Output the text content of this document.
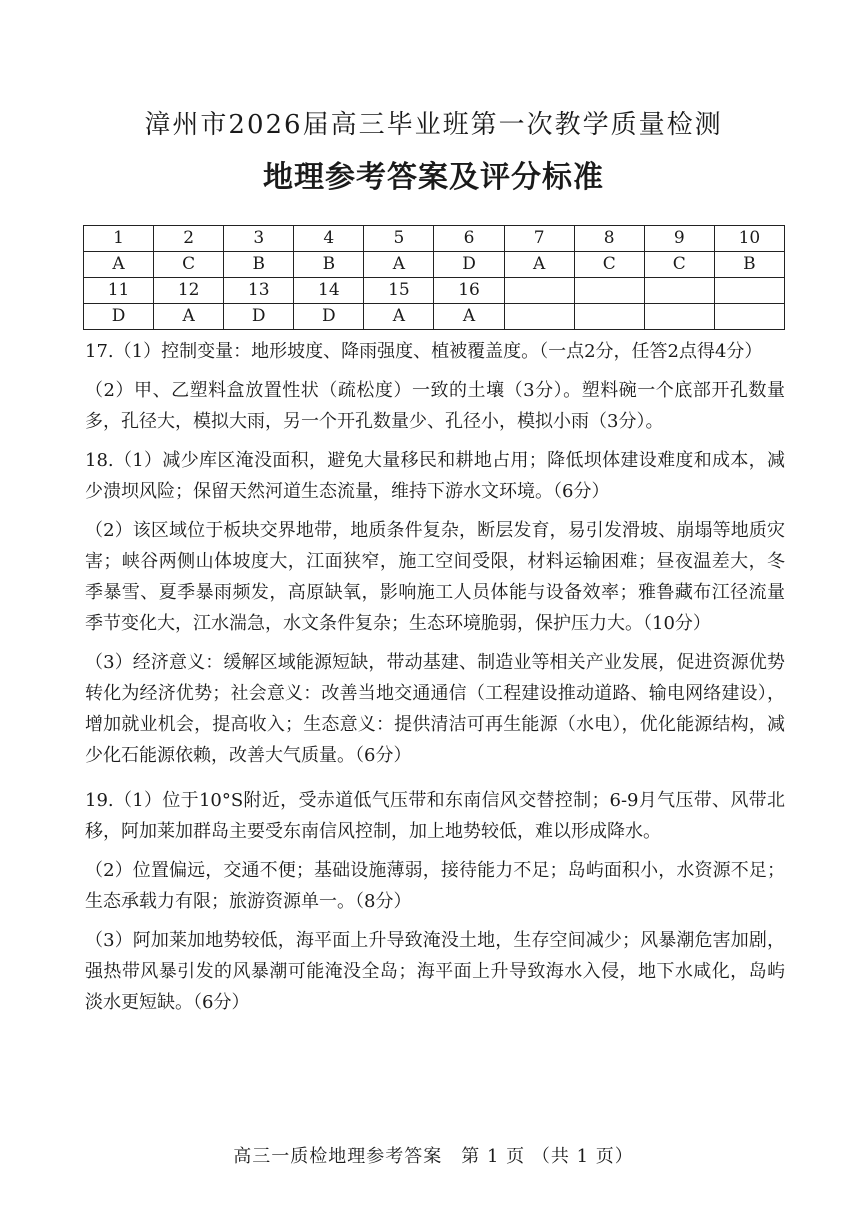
漳州市2026届高三毕业班第一次教学质量检测
地理参考答案及评分标准
1	2	3	4	5	6	7	8	9	10
A	C	B	B	A	D	A	C	C	B
11	12	13	14	15	16				
D	A	D	D	A	A				

17.（1）控制变量：地形坡度、降雨强度、植被覆盖度。（一点2分，任答2点得4分）

（2）甲、乙塑料盒放置性状（疏松度）一致的土壤（3分）。塑料碗一个底部开孔数量多，孔径大，模拟大雨，另一个开孔数量少、孔径小，模拟小雨（3分）。

18.（1）减少库区淹没面积，避免大量移民和耕地占用；降低坝体建设难度和成本，减少溃坝风险；保留天然河道生态流量，维持下游水文环境。（6分）

（2）该区域位于板块交界地带，地质条件复杂，断层发育，易引发滑坡、崩塌等地质灾害；峡谷两侧山体坡度大，江面狭窄，施工空间受限，材料运输困难；昼夜温差大，冬季暴雪、夏季暴雨频发，高原缺氧，影响施工人员体能与设备效率；雅鲁藏布江径流量季节变化大，江水湍急，水文条件复杂；生态环境脆弱，保护压力大。（10分）

（3）经济意义：缓解区域能源短缺，带动基建、制造业等相关产业发展，促进资源优势转化为经济优势；社会意义：改善当地交通通信（工程建设推动道路、输电网络建设），增加就业机会，提高收入；生态意义：提供清洁可再生能源（水电），优化能源结构，减少化石能源依赖，改善大气质量。（6分）

19.（1）位于10°S附近，受赤道低气压带和东南信风交替控制；6-9月气压带、风带北移，阿加莱加群岛主要受东南信风控制，加上地势较低，难以形成降水。

（2）位置偏远，交通不便；基础设施薄弱，接待能力不足；岛屿面积小，水资源不足；生态承载力有限；旅游资源单一。（8分）

（3）阿加莱加地势较低，海平面上升导致淹没土地，生存空间减少；风暴潮危害加剧，强热带风暴引发的风暴潮可能淹没全岛；海平面上升导致海水入侵，地下水咸化，岛屿淡水更短缺。（6分）

高三一质检地理参考答案　第 1 页 （共 1 页）
